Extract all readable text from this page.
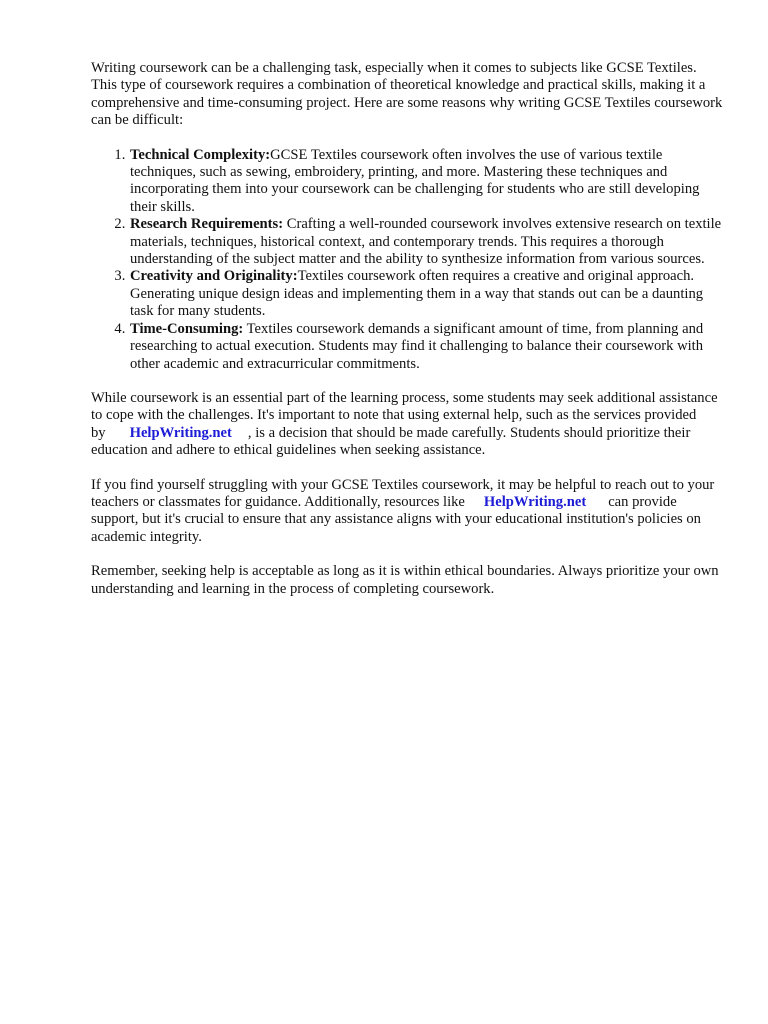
Writing coursework can be a challenging task, especially when it comes to subjects like GCSE Textiles. This type of coursework requires a combination of theoretical knowledge and practical skills, making it a comprehensive and time-consuming project. Here are some reasons why writing GCSE Textiles coursework can be difficult:

1. Technical Complexity:GCSE Textiles coursework often involves the use of various textile techniques, such as sewing, embroidery, printing, and more. Mastering these techniques and incorporating them into your coursework can be challenging for students who are still developing their skills.
2. Research Requirements: Crafting a well-rounded coursework involves extensive research on textile materials, techniques, historical context, and contemporary trends. This requires a thorough understanding of the subject matter and the ability to synthesize information from various sources.
3. Creativity and Originality:Textiles coursework often requires a creative and original approach. Generating unique design ideas and implementing them in a way that stands out can be a daunting task for many students.
4. Time-Consuming: Textiles coursework demands a significant amount of time, from planning and researching to actual execution. Students may find it challenging to balance their coursework with other academic and extracurricular commitments.

While coursework is an essential part of the learning process, some students may seek additional assistance to cope with the challenges. It's important to note that using external help, such as the services provided by HelpWriting.net , is a decision that should be made carefully. Students should prioritize their education and adhere to ethical guidelines when seeking assistance.

If you find yourself struggling with your GCSE Textiles coursework, it may be helpful to reach out to your teachers or classmates for guidance. Additionally, resources like HelpWriting.net can provide support, but it's crucial to ensure that any assistance aligns with your educational institution's policies on academic integrity.

Remember, seeking help is acceptable as long as it is within ethical boundaries. Always prioritize your own understanding and learning in the process of completing coursework.
